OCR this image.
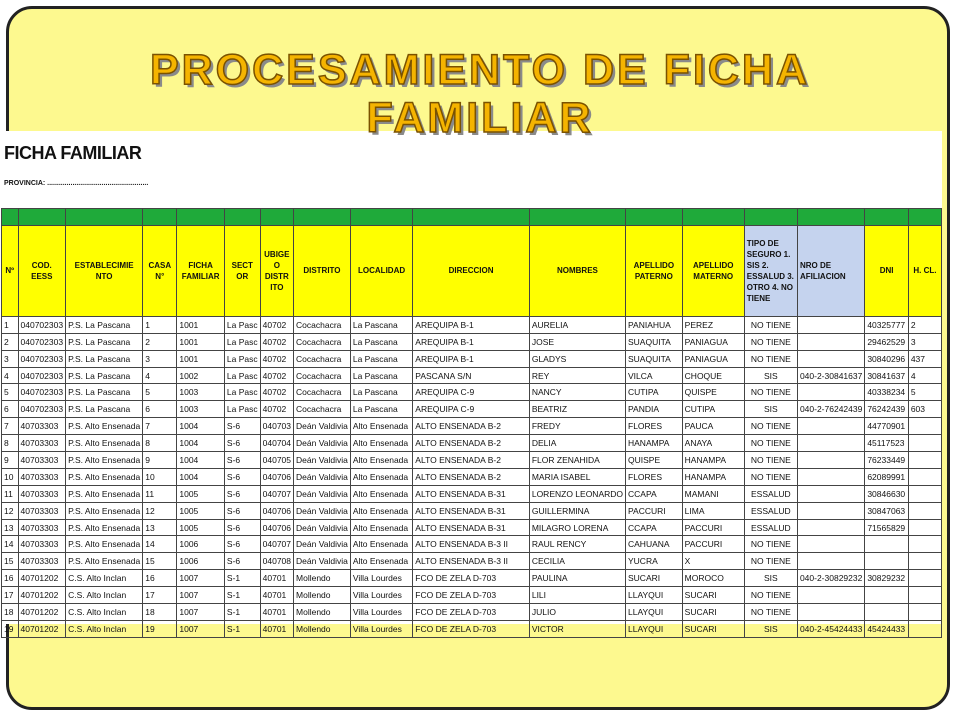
PROCESAMIENTO DE FICHA
FAMILIAR
FICHA FAMILIAR
PROVINCIA: ....................................................

Nº	COD. EESS	ESTABLECIMIE NTO	CASA N°	FICHA FAMILIAR	SECT OR	UBIGE O DISTR ITO	DISTRITO	LOCALIDAD	DIRECCION	NOMBRES	APELLIDO PATERNO	APELLIDO MATERNO	TIPO DE SEGURO 1. SIS 2. ESSALUD 3. OTRO 4. NO TIENE	NRO DE AFILIACION	DNI	H. CL.
1	040702303	P.S. La Pascana	1	1001	La Pasc	40702	Cocachacra	La Pascana	AREQUIPA B-1	AURELIA	PANIAHUA	PEREZ	NO TIENE		40325777	2
2	040702303	P.S. La Pascana	2	1001	La Pasc	40702	Cocachacra	La Pascana	AREQUIPA B-1	JOSE	SUAQUITA	PANIAGUA	NO TIENE		29462529	3
3	040702303	P.S. La Pascana	3	1001	La Pasc	40702	Cocachacra	La Pascana	AREQUIPA B-1	GLADYS	SUAQUITA	PANIAGUA	NO TIENE		30840296	437
4	040702303	P.S. La Pascana	4	1002	La Pasc	40702	Cocachacra	La Pascana	PASCANA S/N	REY	VILCA	CHOQUE	SIS	040-2-30841637	30841637	4
5	040702303	P.S. La Pascana	5	1003	La Pasc	40702	Cocachacra	La Pascana	AREQUIPA C-9	NANCY	CUTIPA	QUISPE	NO TIENE		40338234	5
6	040702303	P.S. La Pascana	6	1003	La Pasc	40702	Cocachacra	La Pascana	AREQUIPA C-9	BEATRIZ	PANDIA	CUTIPA	SIS	040-2-76242439	76242439	603
7	40703303	P.S. Alto Ensenada	7	1004	S-6	040703	Deán Valdivia	Alto Ensenada	ALTO ENSENADA B-2	FREDY	FLORES	PAUCA	NO TIENE		44770901	
8	40703303	P.S. Alto Ensenada	8	1004	S-6	040704	Deán Valdivia	Alto Ensenada	ALTO ENSENADA B-2	DELIA	HANAMPA	ANAYA	NO TIENE		45117523	
9	40703303	P.S. Alto Ensenada	9	1004	S-6	040705	Deán Valdivia	Alto Ensenada	ALTO ENSENADA B-2	FLOR ZENAHIDA	QUISPE	HANAMPA	NO TIENE		76233449	
10	40703303	P.S. Alto Ensenada	10	1004	S-6	040706	Deán Valdivia	Alto Ensenada	ALTO ENSENADA B-2	MARIA ISABEL	FLORES	HANAMPA	NO TIENE		62089991	
11	40703303	P.S. Alto Ensenada	11	1005	S-6	040707	Deán Valdivia	Alto Ensenada	ALTO ENSENADA B-31	LORENZO LEONARDO	CCAPA	MAMANI	ESSALUD		30846630	
12	40703303	P.S. Alto Ensenada	12	1005	S-6	040706	Deán Valdivia	Alto Ensenada	ALTO ENSENADA B-31	GUILLERMINA	PACCURI	LIMA	ESSALUD		30847063	
13	40703303	P.S. Alto Ensenada	13	1005	S-6	040706	Deán Valdivia	Alto Ensenada	ALTO ENSENADA B-31	MILAGRO LORENA	CCAPA	PACCURI	ESSALUD		71565829	
14	40703303	P.S. Alto Ensenada	14	1006	S-6	040707	Deán Valdivia	Alto Ensenada	ALTO ENSENADA B-3 II	RAUL RENCY	CAHUANA	PACCURI	NO TIENE			
15	40703303	P.S. Alto Ensenada	15	1006	S-6	040708	Deán Valdivia	Alto Ensenada	ALTO ENSENADA B-3 II	CECILIA	YUCRA	X	NO TIENE			
16	40701202	C.S. Alto Inclan	16	1007	S-1	40701	Mollendo	Villa Lourdes	FCO DE ZELA D-703	PAULINA	SUCARI	MOROCO	SIS	040-2-30829232	30829232	
17	40701202	C.S. Alto Inclan	17	1007	S-1	40701	Mollendo	Villa Lourdes	FCO DE ZELA D-703	LILI	LLAYQUI	SUCARI	NO TIENE			
18	40701202	C.S. Alto Inclan	18	1007	S-1	40701	Mollendo	Villa Lourdes	FCO DE ZELA D-703	JULIO	LLAYQUI	SUCARI	NO TIENE			
19	40701202	C.S. Alto Inclan	19	1007	S-1	40701	Mollendo	Villa Lourdes	FCO DE ZELA D-703	VICTOR	LLAYQUI	SUCARI	SIS	040-2-45424433	45424433	
